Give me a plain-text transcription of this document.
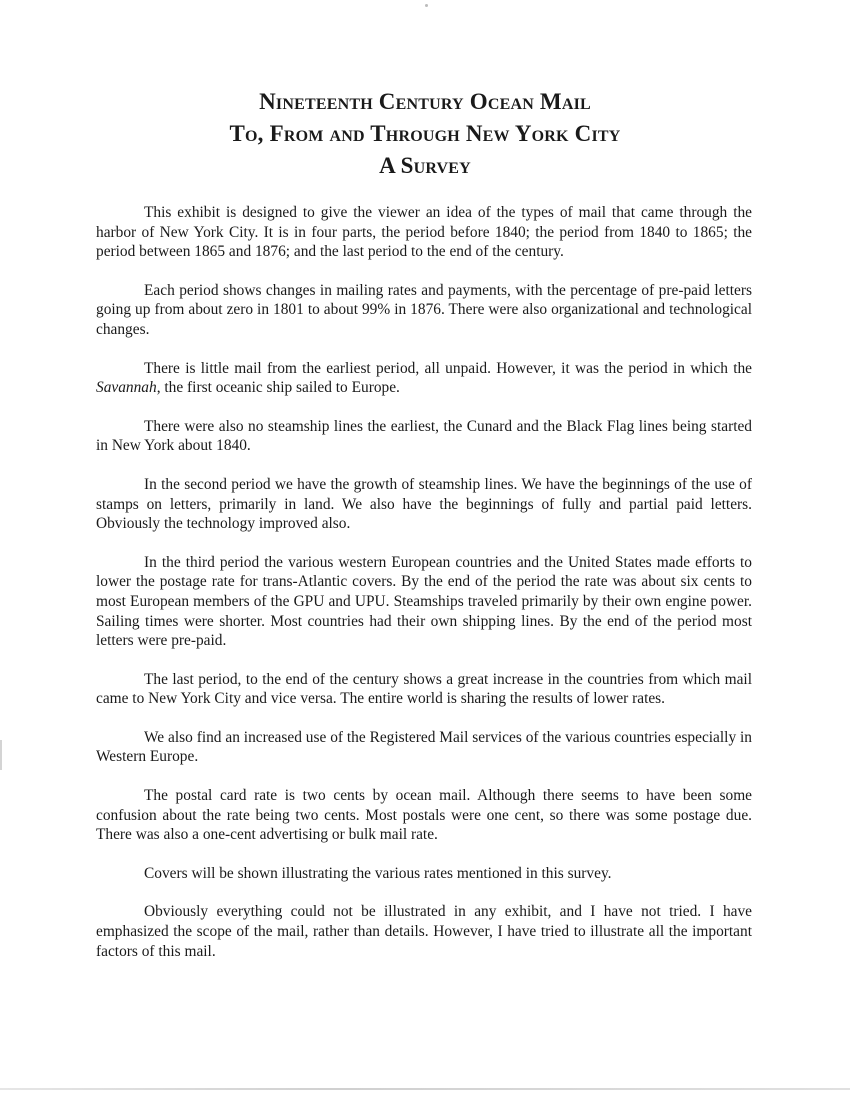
Nineteenth Century Ocean Mail
To, From and Through New York City
A Survey

This exhibit is designed to give the viewer an idea of the types of mail that came through the harbor of New York City. It is in four parts, the period before 1840; the period from 1840 to 1865; the period between 1865 and 1876; and the last period to the end of the century.

Each period shows changes in mailing rates and payments, with the percentage of pre-paid letters going up from about zero in 1801 to about 99% in 1876. There were also organizational and technological changes.

There is little mail from the earliest period, all unpaid. However, it was the period in which the Savannah, the first oceanic ship sailed to Europe.

There were also no steamship lines the earliest, the Cunard and the Black Flag lines being started in New York about 1840.

In the second period we have the growth of steamship lines. We have the beginnings of the use of stamps on letters, primarily in land. We also have the beginnings of fully and partial paid letters. Obviously the technology improved also.

In the third period the various western European countries and the United States made efforts to lower the postage rate for trans-Atlantic covers. By the end of the period the rate was about six cents to most European members of the GPU and UPU. Steamships traveled primarily by their own engine power. Sailing times were shorter. Most countries had their own shipping lines. By the end of the period most letters were pre-paid.

The last period, to the end of the century shows a great increase in the countries from which mail came to New York City and vice versa. The entire world is sharing the results of lower rates.

We also find an increased use of the Registered Mail services of the various countries especially in Western Europe.

The postal card rate is two cents by ocean mail. Although there seems to have been some confusion about the rate being two cents. Most postals were one cent, so there was some postage due. There was also a one-cent advertising or bulk mail rate.

Covers will be shown illustrating the various rates mentioned in this survey.

Obviously everything could not be illustrated in any exhibit, and I have not tried. I have emphasized the scope of the mail, rather than details. However, I have tried to illustrate all the important factors of this mail.
